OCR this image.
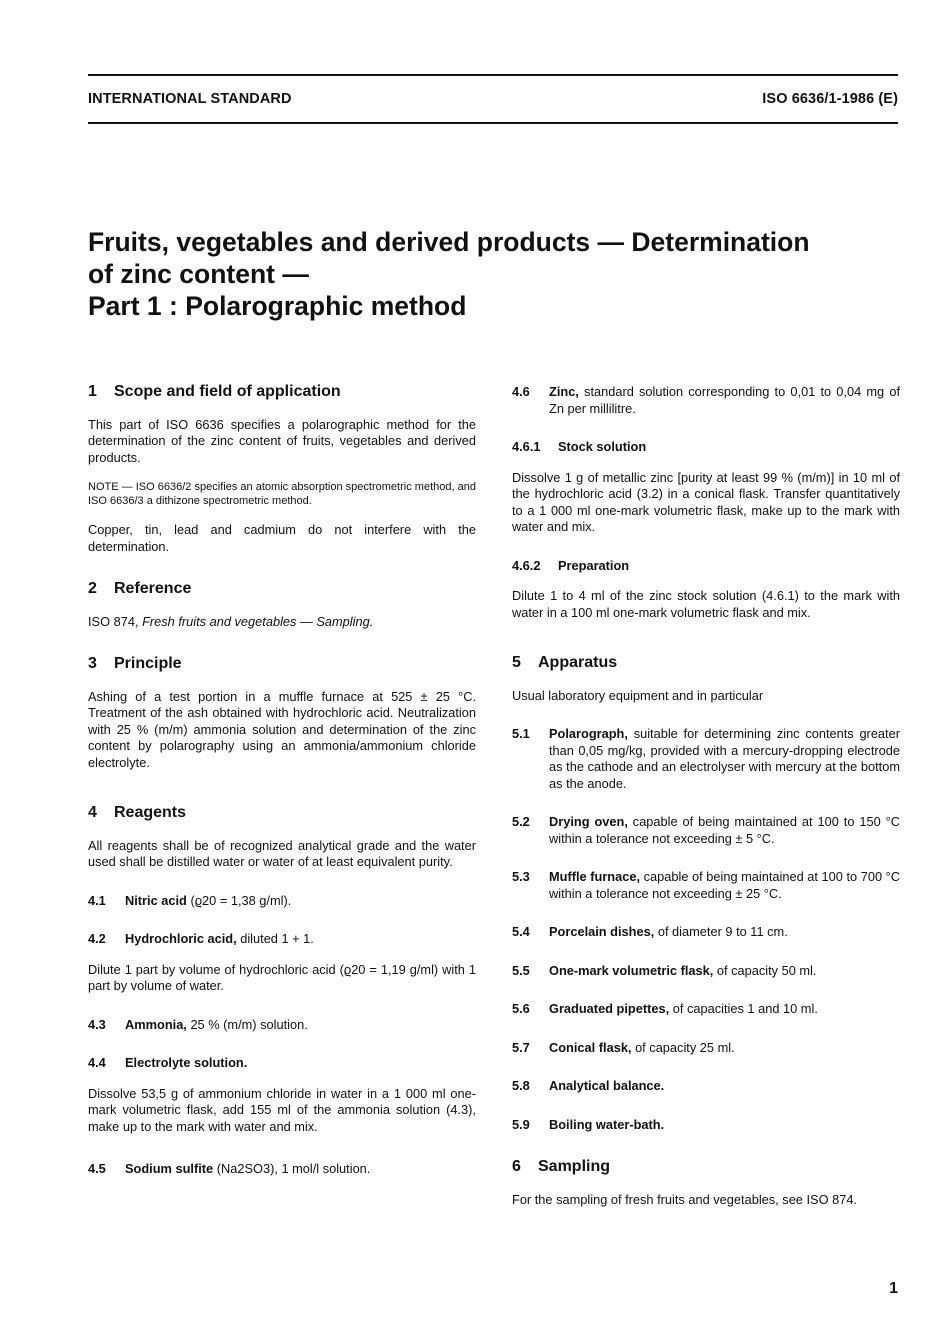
INTERNATIONAL STANDARD	ISO 6636/1-1986 (E)
Fruits, vegetables and derived products — Determination
of zinc content —
Part 1 : Polarographic method
1	Scope and field of application
This part of ISO 6636 specifies a polarographic method for the determination of the zinc content of fruits, vegetables and derived products.
NOTE — ISO 6636/2 specifies an atomic absorption spectrometric method, and ISO 6636/3 a dithizone spectrometric method.
Copper, tin, lead and cadmium do not interfere with the determination.
2	Reference
ISO 874, Fresh fruits and vegetables — Sampling.
3	Principle
Ashing of a test portion in a muffle furnace at 525 ± 25 °C. Treatment of the ash obtained with hydrochloric acid. Neutralization with 25 % (m/m) ammonia solution and determination of the zinc content by polarography using an ammonia/ammonium chloride electrolyte.
4	Reagents
All reagents shall be of recognized analytical grade and the water used shall be distilled water or water of at least equivalent purity.
4.1	Nitric acid (ϱ20 = 1,38 g/ml).
4.2	Hydrochloric acid, diluted 1 + 1.
Dilute 1 part by volume of hydrochloric acid (ϱ20 = 1,19 g/ml) with 1 part by volume of water.
4.3	Ammonia, 25 % (m/m) solution.
4.4	Electrolyte solution.
Dissolve 53,5 g of ammonium chloride in water in a 1 000 ml one-mark volumetric flask, add 155 ml of the ammonia solution (4.3), make up to the mark with water and mix.
4.5	Sodium sulfite (Na2SO3), 1 mol/l solution.
4.6	Zinc, standard solution corresponding to 0,01 to 0,04 mg of Zn per millilitre.
4.6.1	Stock solution
Dissolve 1 g of metallic zinc [purity at least 99 % (m/m)] in 10 ml of the hydrochloric acid (3.2) in a conical flask. Transfer quantitatively to a 1 000 ml one-mark volumetric flask, make up to the mark with water and mix.
4.6.2	Preparation
Dilute 1 to 4 ml of the zinc stock solution (4.6.1) to the mark with water in a 100 ml one-mark volumetric flask and mix.
5	Apparatus
Usual laboratory equipment and in particular
5.1	Polarograph, suitable for determining zinc contents greater than 0,05 mg/kg, provided with a mercury-dropping electrode as the cathode and an electrolyser with mercury at the bottom as the anode.
5.2	Drying oven, capable of being maintained at 100 to 150 °C within a tolerance not exceeding ± 5 °C.
5.3	Muffle furnace, capable of being maintained at 100 to 700 °C within a tolerance not exceeding ± 25 °C.
5.4	Porcelain dishes, of diameter 9 to 11 cm.
5.5	One-mark volumetric flask, of capacity 50 ml.
5.6	Graduated pipettes, of capacities 1 and 10 ml.
5.7	Conical flask, of capacity 25 ml.
5.8	Analytical balance.
5.9	Boiling water-bath.
6	Sampling
For the sampling of fresh fruits and vegetables, see ISO 874.
1
